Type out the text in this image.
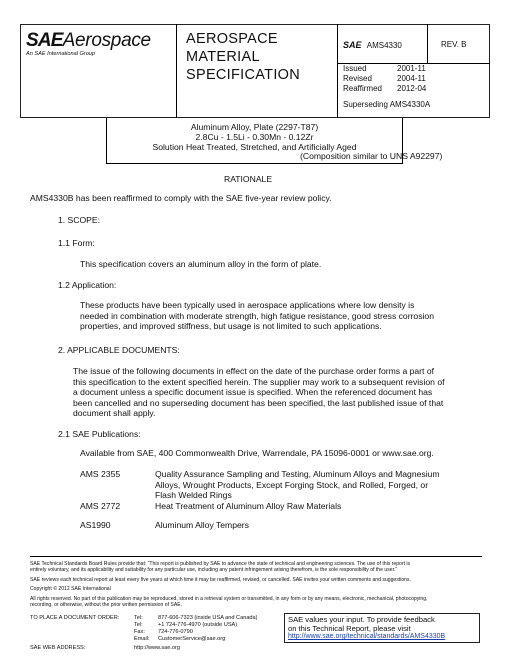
SAEAerospace
An SAE International Group
AEROSPACE
MATERIAL
SPECIFICATION
SAE AMS4330	REV. B
Issued	2001-11
Revised	2004-11
Reaffirmed	2012-04
Superseding AMS4330A
Aluminum Alloy, Plate (2297-T87)
2.8Cu - 1.5Li - 0.30Mn - 0.12Zr
Solution Heat Treated, Stretched, and Artificially Aged
(Composition similar to UNS A92297)
RATIONALE
AMS4330B has been reaffirmed to comply with the SAE five-year review policy.
1. SCOPE:
1.1 Form:
This specification covers an aluminum alloy in the form of plate.
1.2 Application:
These products have been typically used in aerospace applications where low density is
needed in combination with moderate strength, high fatigue resistance, good stress corrosion
properties, and improved stiffness, but usage is not limited to such applications.
2. APPLICABLE DOCUMENTS:
The issue of the following documents in effect on the date of the purchase order forms a part of
this specification to the extent specified herein. The supplier may work to a subsequent revision of
a document unless a specific document issue is specified. When the referenced document has
been cancelled and no superseding document has been specified, the last published issue of that
document shall apply.
2.1 SAE Publications:
Available from SAE, 400 Commonwealth Drive, Warrendale, PA 15096-0001 or www.sae.org.
AMS 2355	Quality Assurance Sampling and Testing, Aluminum Alloys and Magnesium
Alloys, Wrought Products, Except Forging Stock, and Rolled, Forged, or
Flash Welded Rings
AMS 2772	Heat Treatment of Aluminum Alloy Raw Materials
AS1990	Aluminum Alloy Tempers
SAE Technical Standards Board Rules provide that: “This report is published by SAE to advance the state of technical and engineering sciences. The use of this report is
entirely voluntary, and its applicability and suitability for any particular use, including any patent infringement arising therefrom, is the sole responsibility of the user.”
SAE reviews each technical report at least every five years at which time it may be reaffirmed, revised, or cancelled. SAE invites your written comments and suggestions.
Copyright © 2012 SAE International
All rights reserved. No part of this publication may be reproduced, stored in a retrieval system or transmitted, in any form or by any means, electronic, mechanical, photocopying,
recording, or otherwise, without the prior written permission of SAE.
TO PLACE A DOCUMENT ORDER:	Tel:	877-606-7323 (inside USA and Canada)
Tel:	+1 724-776-4970 (outside USA)
Fax:	724-776-0790
Email:	CustomerService@sae.org
SAE WEB ADDRESS:	http://www.sae.org
SAE values your input. To provide feedback
on this Technical Report, please visit
http://www.sae.org/technical/standards/AMS4330B
